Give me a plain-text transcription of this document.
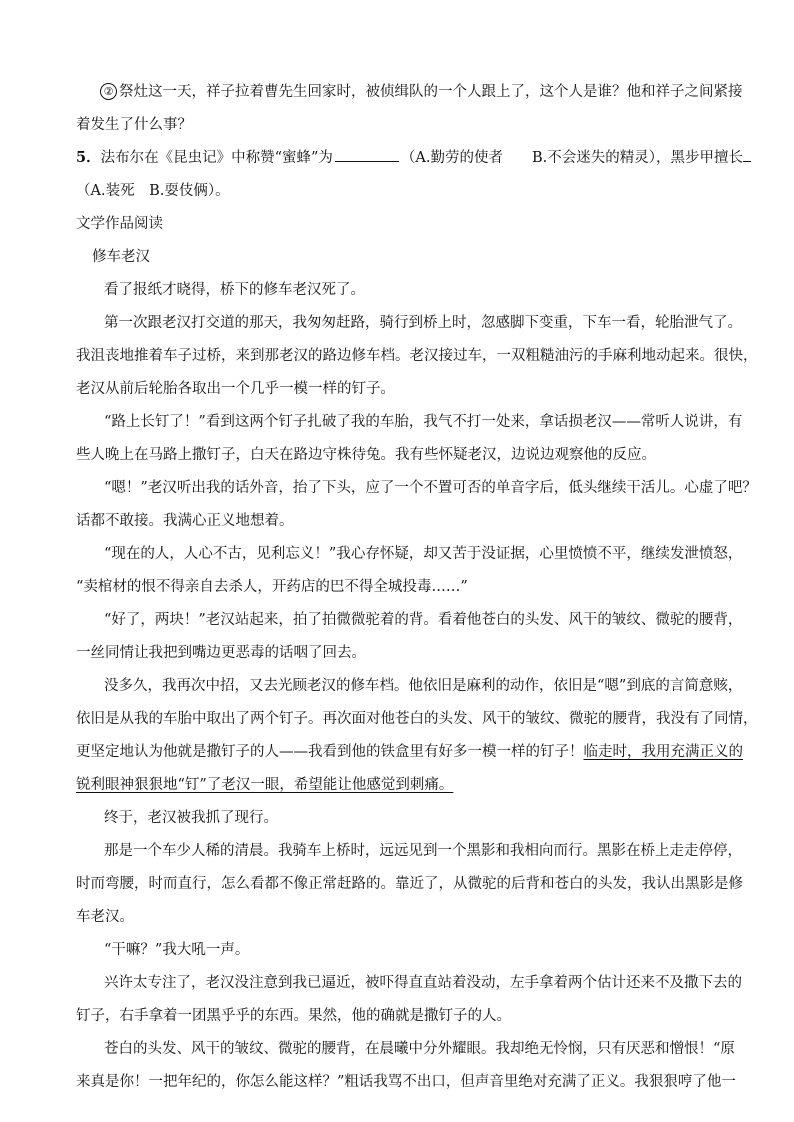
② 祭灶这一天，祥子拉着曹先生回家时，被侦缉队的一个人跟上了，这个人是谁？他和祥子之间紧接
着发生了什么事？
5．法布尔在《昆虫记》中称赞“蜜蜂”为	（A.勤劳的使者　　B.不会迷失的精灵），黑步甲擅长
（A.装死　B.耍伎俩）。
文学作品阅读
修车老汉
看了报纸才晓得，桥下的修车老汉死了。
第一次跟老汉打交道的那天，我匆匆赶路，骑行到桥上时，忽感脚下变重，下车一看，轮胎泄气了。
我沮丧地推着车子过桥，来到那老汉的路边修车档。老汉接过车，一双粗糙油污的手麻利地动起来。很快，
老汉从前后轮胎各取出一个几乎一模一样的钉子。
“路上长钉了！”看到这两个钉子扎破了我的车胎，我气不打一处来，拿话损老汉——常听人说讲，有
些人晚上在马路上撒钉子，白天在路边守株待兔。我有些怀疑老汉，边说边观察他的反应。
“嗯！”老汉听出我的话外音，抬了下头，应了一个不置可否的单音字后，低头继续干活儿。心虚了吧？
话都不敢接。我满心正义地想着。
“现在的人，人心不古，见利忘义！”我心存怀疑，却又苦于没证据，心里愤愤不平，继续发泄愤怒，
“卖棺材的恨不得亲自去杀人，开药店的巴不得全城投毒……”
“好了，两块！”老汉站起来，拍了拍微微驼着的背。看着他苍白的头发、风干的皱纹、微驼的腰背，
一丝同情让我把到嘴边更恶毒的话咽了回去。
没多久，我再次中招，又去光顾老汉的修车档。他依旧是麻利的动作，依旧是“嗯”到底的言简意赅，
依旧是从我的车胎中取出了两个钉子。再次面对他苍白的头发、风干的皱纹、微驼的腰背，我没有了同情，
更坚定地认为他就是撒钉子的人——我看到他的铁盒里有好多一模一样的钉子！临走时，我用充满正义的
锐利眼神狠狠地“钉”了老汉一眼，希望能让他感觉到刺痛。
终于，老汉被我抓了现行。
那是一个车少人稀的清晨。我骑车上桥时，远远见到一个黑影和我相向而行。黑影在桥上走走停停，
时而弯腰，时而直行，怎么看都不像正常赶路的。靠近了，从微驼的后背和苍白的头发，我认出黑影是修
车老汉。
“干嘛？”我大吼一声。
兴许太专注了，老汉没注意到我已逼近，被吓得直直站着没动，左手拿着两个估计还来不及撒下去的
钉子，右手拿着一团黑乎乎的东西。果然，他的确就是撒钉子的人。
苍白的头发、风干的皱纹、微驼的腰背，在晨曦中分外耀眼。我却绝无怜悯，只有厌恶和憎恨！“原
来真是你！一把年纪的，你怎么能这样？”粗话我骂不出口，但声音里绝对充满了正义。我狠狠哼了他一
